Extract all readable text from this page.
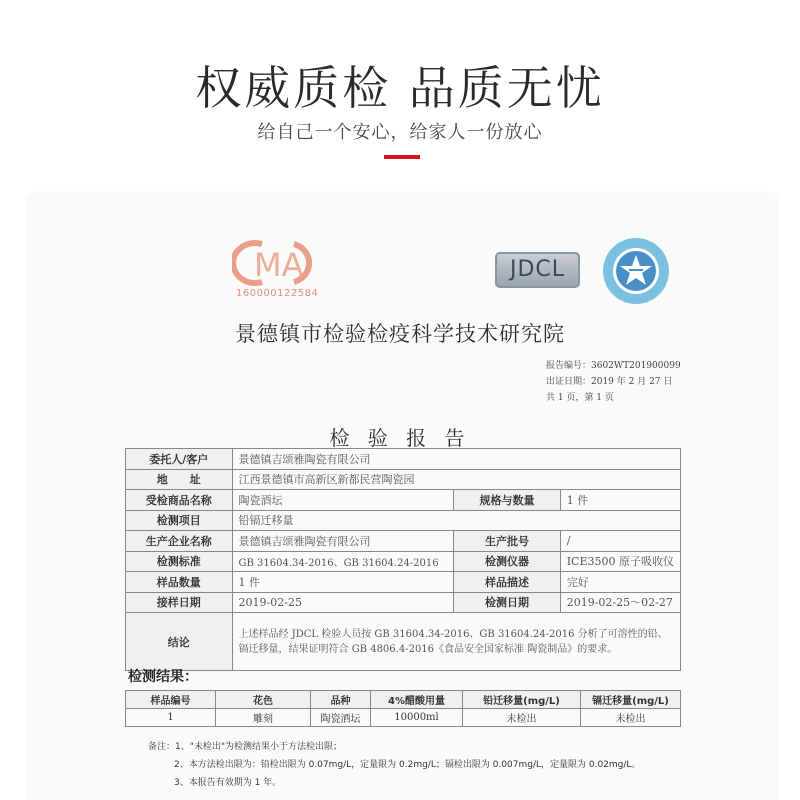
权威质检 品质无忧
给自己一个安心，给家人一份放心
MA
160000122584
JDCL
景德镇市检验检疫科学技术研究院
报告编号：3602WT201900099
出证日期：2019 年 2 月 27 日
共 1 页，第 1 页
检 验 报 告
委托人/客户	景德镇吉颂雅陶瓷有限公司		
地　　址	江西景德镇市高新区新都民营陶瓷园		
受检商品名称	陶瓷酒坛	规格与数量	1 件
检测项目	铅镉迁移量		
生产企业名称	景德镇吉颂雅陶瓷有限公司	生产批号	/
检测标准	GB 31604.34-2016、GB 31604.24-2016	检测仪器	ICE3500 原子吸收仪
样品数量	1 件	样品描述	完好
接样日期	2019-02-25	检测日期	2019-02-25～02-27
结论	上述样品经 JDCL 检验人员按 GB 31604.34-2016、GB 31604.24-2016 分析了可溶性的铅、镉迁移量，结果证明符合 GB 4806.4-2016《食品安全国家标准 陶瓷制品》的要求。		
检测结果：
样品编号	花色	品种	4%醋酸用量	铅迁移量(mg/L)	镉迁移量(mg/L)
1	雕刻	陶瓷酒坛	10000ml	未检出	未检出
备注：1、"未检出"为检测结果小于方法检出限；
2、本方法检出限为：铅检出限为 0.07mg/L，定量限为 0.2mg/L；镉检出限为 0.007mg/L，定量限为 0.02mg/L。
3、本报告有效期为 1 年。
